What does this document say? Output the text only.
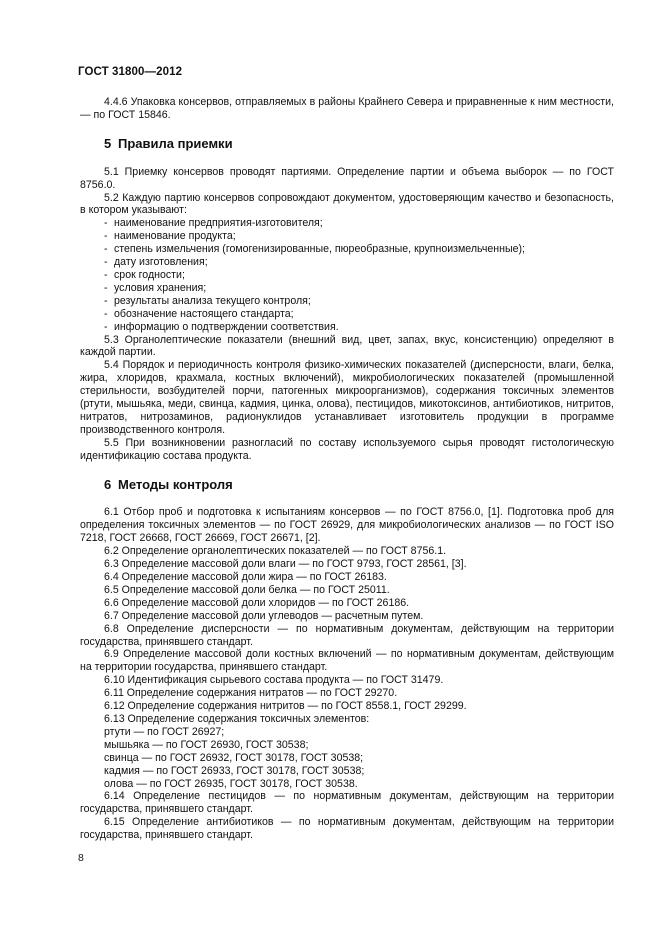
ГОСТ 31800—2012

4.4.6 Упаковка консервов, отправляемых в районы Крайнего Севера и приравненные к ним местности, — по ГОСТ 15846.

5 Правила приемки

5.1 Приемку консервов проводят партиями. Определение партии и объема выборок — по ГОСТ 8756.0.

5.2 Каждую партию консервов сопровождают документом, удостоверяющим качество и безопасность, в котором указывают:

- наименование предприятия-изготовителя;
- наименование продукта;
- степень измельчения (гомогенизированные, пюреобразные, крупноизмельченные);
- дату изготовления;
- срок годности;
- условия хранения;
- результаты анализа текущего контроля;
- обозначение настоящего стандарта;
- информацию о подтверждении соответствия.

5.3 Органолептические показатели (внешний вид, цвет, запах, вкус, консистенцию) определяют в каждой партии.

5.4 Порядок и периодичность контроля физико-химических показателей (дисперсности, влаги, белка, жира, хлоридов, крахмала, костных включений), микробиологических показателей (промышленной стерильности, возбудителей порчи, патогенных микроорганизмов), содержания токсичных элементов (ртути, мышьяка, меди, свинца, кадмия, цинка, олова), пестицидов, микотоксинов, антибиотиков, нитритов, нитратов, нитрозаминов, радионуклидов устанавливает изготовитель продукции в программе производственного контроля.

5.5 При возникновении разногласий по составу используемого сырья проводят гистологическую идентификацию состава продукта.

6 Методы контроля

6.1 Отбор проб и подготовка к испытаниям консервов — по ГОСТ 8756.0, [1]. Подготовка проб для определения токсичных элементов — по ГОСТ 26929, для микробиологических анализов — по ГОСТ ISO 7218, ГОСТ 26668, ГОСТ 26669, ГОСТ 26671, [2].

6.2 Определение органолептических показателей — по ГОСТ 8756.1.

6.3 Определение массовой доли влаги — по ГОСТ 9793, ГОСТ 28561, [3].

6.4 Определение массовой доли жира — по ГОСТ 26183.

6.5 Определение массовой доли белка — по ГОСТ 25011.

6.6 Определение массовой доли хлоридов — по ГОСТ 26186.

6.7 Определение массовой доли углеводов — расчетным путем.

6.8 Определение дисперсности — по нормативным документам, действующим на территории государства, принявшего стандарт.

6.9 Определение массовой доли костных включений — по нормативным документам, действующим на территории государства, принявшего стандарт.

6.10 Идентификация сырьевого состава продукта — по ГОСТ 31479.

6.11 Определение содержания нитратов — по ГОСТ 29270.

6.12 Определение содержания нитритов — по ГОСТ 8558.1, ГОСТ 29299.

6.13 Определение содержания токсичных элементов:

ртути — по ГОСТ 26927;

мышьяка — по ГОСТ 26930, ГОСТ 30538;

свинца — по ГОСТ 26932, ГОСТ 30178, ГОСТ 30538;

кадмия — по ГОСТ 26933, ГОСТ 30178, ГОСТ 30538;

олова — по ГОСТ 26935, ГОСТ 30178, ГОСТ 30538.

6.14 Определение пестицидов — по нормативным документам, действующим на территории государства, принявшего стандарт.

6.15 Определение антибиотиков — по нормативным документам, действующим на территории государства, принявшего стандарт.

8
